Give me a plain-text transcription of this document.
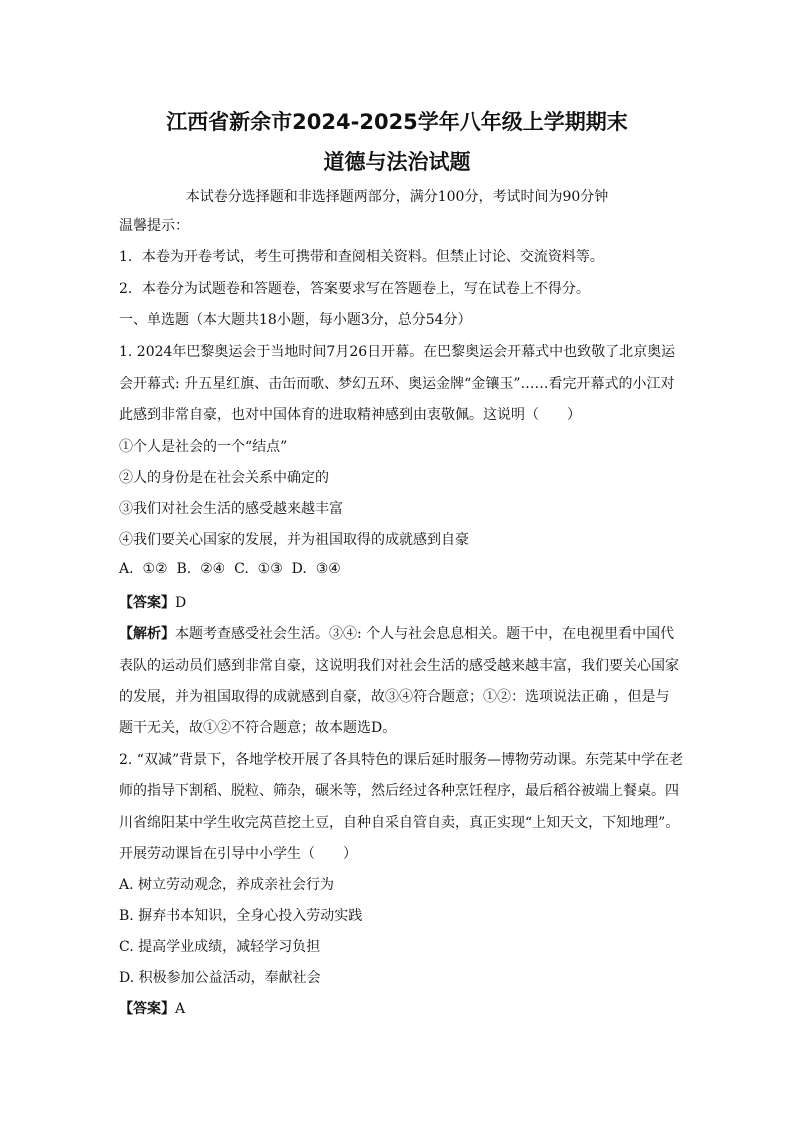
江西省新余市2024-2025学年八年级上学期期末
道德与法治试题
本试卷分选择题和非选择题两部分，满分100分，考试时间为90分钟
温馨提示：
1．本卷为开卷考试，考生可携带和查阅相关资料。但禁止讨论、交流资料等。
2．本卷分为试题卷和答题卷，答案要求写在答题卷上，写在试卷上不得分。
一、单选题（本大题共18小题，每小题3分，总分54分）
1. 2024年巴黎奥运会于当地时间7月26日开幕。在巴黎奥运会开幕式中也致敬了北京奥运
会开幕式: 升五星红旗、击缶而歌、梦幻五环、奥运金牌“金镶玉”……看完开幕式的小江对
此感到非常自豪，也对中国体育的进取精神感到由衷敬佩。这说明（　　）
①个人是社会的一个“结点”
②人的身份是在社会关系中确定的
③我们对社会生活的感受越来越丰富
④我们要关心国家的发展，并为祖国取得的成就感到自豪
A.  ①②  B.  ②④  C.  ①③  D.  ③④
【答案】D
【解析】本题考查感受社会生活。③④: 个人与社会息息相关。题干中，在电视里看中国代
表队的运动员们感到非常自豪，这说明我们对社会生活的感受越来越丰富，我们要关心国家
的发展，并为祖国取得的成就感到自豪，故③④符合题意；①②：选项说法正确 ，但是与
题干无关，故①②不符合题意；故本题选D。
2. “双减”背景下，各地学校开展了各具特色的课后延时服务—博物劳动课。东莞某中学在老
师的指导下割稻、脱粒、筛杂，碾米等，然后经过各种烹饪程序，最后稻谷被端上餐桌。四
川省绵阳某中学生收完莴苣挖土豆，自种自采自管自卖，真正实现“上知天文，下知地理”。
开展劳动课旨在引导中小学生（　　）
A. 树立劳动观念，养成亲社会行为
B. 摒弃书本知识，全身心投入劳动实践
C. 提高学业成绩，减轻学习负担
D. 积极参加公益活动，奉献社会
【答案】A
